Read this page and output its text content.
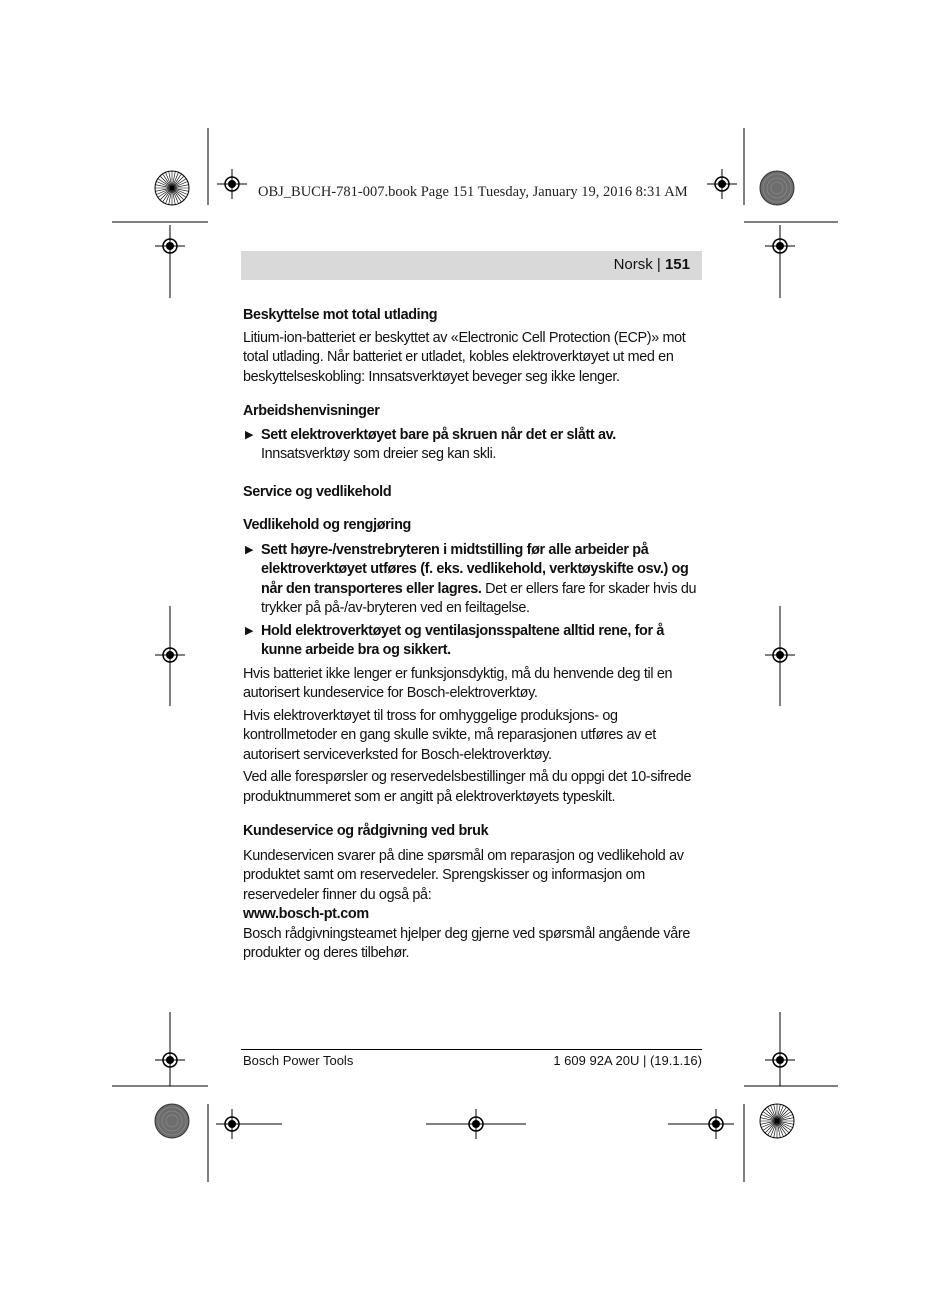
OBJ_BUCH-781-007.book Page 151 Tuesday, January 19, 2016 8:31 AM
Norsk | 151

Beskyttelse mot total utlading

Litium-ion-batteriet er beskyttet av «Electronic Cell Protection (ECP)» mot total utlading. Når batteriet er utladet, kobles elektroverktøyet ut med en beskyttelseskobling: Innsatsverktøyet beveger seg ikke lenger.

Arbeidshenvisninger

▶ Sett elektroverktøyet bare på skruen når det er slått av. Innsatsverktøy som dreier seg kan skli.

Service og vedlikehold

Vedlikehold og rengjøring

▶ Sett høyre-/venstrebryteren i midtstilling før alle arbeider på elektroverktøyet utføres (f. eks. vedlikehold, verktøyskifte osv.) og når den transporteres eller lagres. Det er ellers fare for skader hvis du trykker på på-/av-bryteren ved en feiltagelse.

▶ Hold elektroverktøyet og ventilasjonsspaltene alltid rene, for å kunne arbeide bra og sikkert.

Hvis batteriet ikke lenger er funksjonsdyktig, må du henvende deg til en autorisert kundeservice for Bosch-elektroverktøy.

Hvis elektroverktøyet til tross for omhyggelige produksjons- og kontrollmetoder en gang skulle svikte, må reparasjonen utføres av et autorisert serviceverksted for Bosch-elektroverktøy.

Ved alle forespørsler og reservedelsbestillinger må du oppgi det 10-sifrede produktnummeret som er angitt på elektroverktøyets typeskilt.

Kundeservice og rådgivning ved bruk

Kundeservicen svarer på dine spørsmål om reparasjon og vedlikehold av produktet samt om reservedeler. Sprengskisser og informasjon om reservedeler finner du også på:

www.bosch-pt.com

Bosch rådgivningsteamet hjelper deg gjerne ved spørsmål angående våre produkter og deres tilbehør.

Bosch Power Tools	1 609 92A 20U | (19.1.16)
